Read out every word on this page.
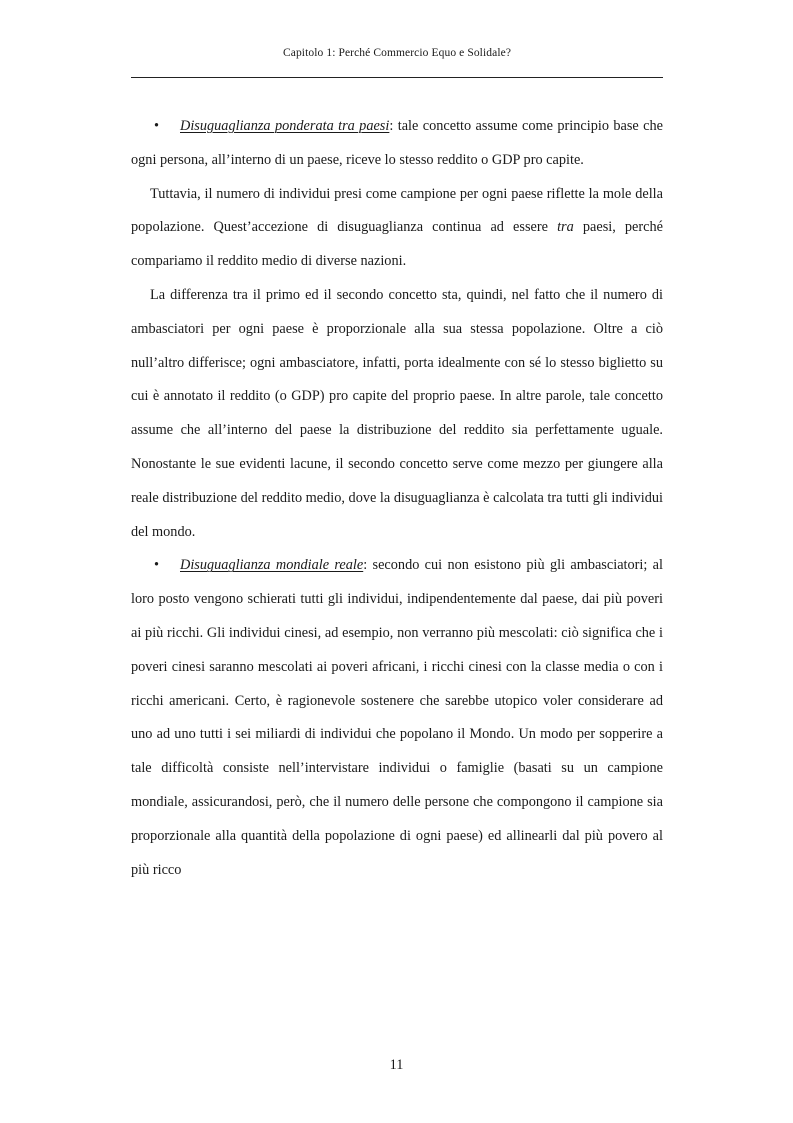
Capitolo 1: Perché Commercio Equo e Solidale?

• Disuguaglianza ponderata tra paesi: tale concetto assume come principio base che ogni persona, all’interno di un paese, riceve lo stesso reddito o GDP pro capite.

Tuttavia, il numero di individui presi come campione per ogni paese riflette la mole della popolazione. Quest’accezione di disuguaglianza continua ad essere tra paesi, perché compariamo il reddito medio di diverse nazioni.

La differenza tra il primo ed il secondo concetto sta, quindi, nel fatto che il numero di ambasciatori per ogni paese è proporzionale alla sua stessa popolazione. Oltre a ciò null’altro differisce; ogni ambasciatore, infatti, porta idealmente con sé lo stesso biglietto su cui è annotato il reddito (o GDP) pro capite del proprio paese. In altre parole, tale concetto assume che all’interno del paese la distribuzione del reddito sia perfettamente uguale. Nonostante le sue evidenti lacune, il secondo concetto serve come mezzo per giungere alla reale distribuzione del reddito medio, dove la disuguaglianza è calcolata tra tutti gli individui del mondo.

• Disuguaglianza mondiale reale: secondo cui non esistono più gli ambasciatori; al loro posto vengono schierati tutti gli individui, indipendentemente dal paese, dai più poveri ai più ricchi. Gli individui cinesi, ad esempio, non verranno più mescolati: ciò significa che i poveri cinesi saranno mescolati ai poveri africani, i ricchi cinesi con la classe media o con i ricchi americani. Certo, è ragionevole sostenere che sarebbe utopico voler considerare ad uno ad uno tutti i sei miliardi di individui che popolano il Mondo. Un modo per sopperire a tale difficoltà consiste nell’intervistare individui o famiglie (basati su un campione mondiale, assicurandosi, però, che il numero delle persone che compongono il campione sia proporzionale alla quantità della popolazione di ogni paese) ed allinearli dal più povero al più ricco

11
